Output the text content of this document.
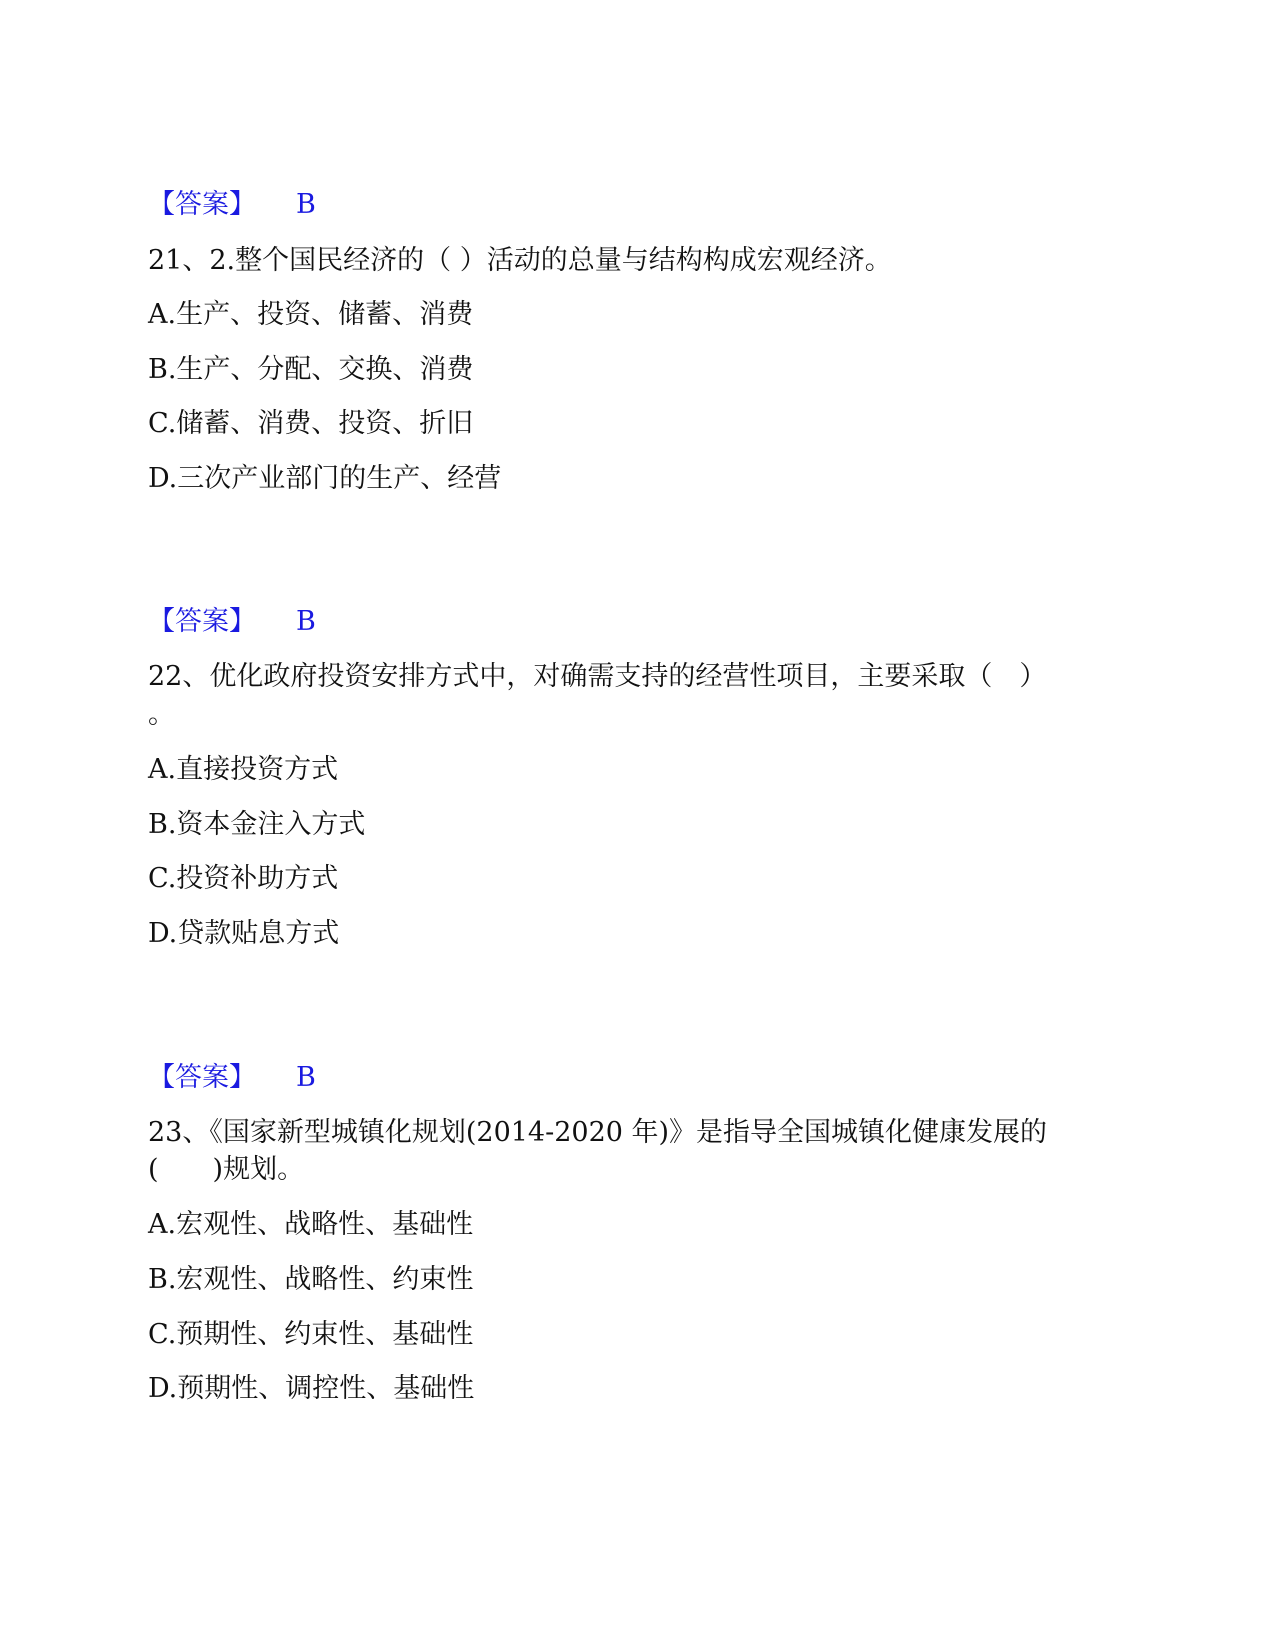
【答案】 B
21、2.整个国民经济的（ ）活动的总量与结构构成宏观经济。
A.生产、投资、储蓄、消费
B.生产、分配、交换、消费
C.储蓄、消费、投资、折旧
D.三次产业部门的生产、经营
【答案】 B
22、优化政府投资安排方式中，对确需支持的经营性项目，主要采取（　）
。
A.直接投资方式
B.资本金注入方式
C.投资补助方式
D.贷款贴息方式
【答案】 B
23、《国家新型城镇化规划(2014-2020 年)》是指导全国城镇化健康发展的
(　　)规划。
A.宏观性、战略性、基础性
B.宏观性、战略性、约束性
C.预期性、约束性、基础性
D.预期性、调控性、基础性
